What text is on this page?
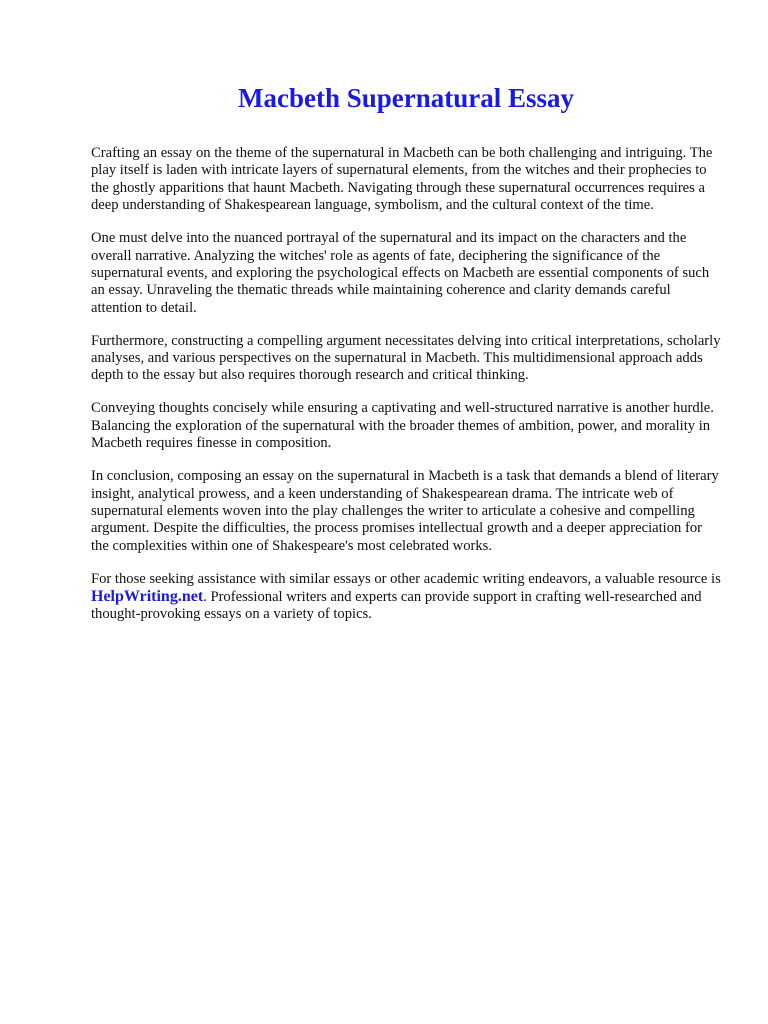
Macbeth Supernatural Essay

Crafting an essay on the theme of the supernatural in Macbeth can be both challenging and intriguing. The play itself is laden with intricate layers of supernatural elements, from the witches and their prophecies to the ghostly apparitions that haunt Macbeth. Navigating through these supernatural occurrences requires a deep understanding of Shakespearean language, symbolism, and the cultural context of the time.

One must delve into the nuanced portrayal of the supernatural and its impact on the characters and the overall narrative. Analyzing the witches' role as agents of fate, deciphering the significance of the supernatural events, and exploring the psychological effects on Macbeth are essential components of such an essay. Unraveling the thematic threads while maintaining coherence and clarity demands careful attention to detail.

Furthermore, constructing a compelling argument necessitates delving into critical interpretations, scholarly analyses, and various perspectives on the supernatural in Macbeth. This multidimensional approach adds depth to the essay but also requires thorough research and critical thinking.

Conveying thoughts concisely while ensuring a captivating and well-structured narrative is another hurdle. Balancing the exploration of the supernatural with the broader themes of ambition, power, and morality in Macbeth requires finesse in composition.

In conclusion, composing an essay on the supernatural in Macbeth is a task that demands a blend of literary insight, analytical prowess, and a keen understanding of Shakespearean drama. The intricate web of supernatural elements woven into the play challenges the writer to articulate a cohesive and compelling argument. Despite the difficulties, the process promises intellectual growth and a deeper appreciation for the complexities within one of Shakespeare's most celebrated works.

For those seeking assistance with similar essays or other academic writing endeavors, a valuable resource is HelpWriting.net. Professional writers and experts can provide support in crafting well-researched and thought-provoking essays on a variety of topics.
